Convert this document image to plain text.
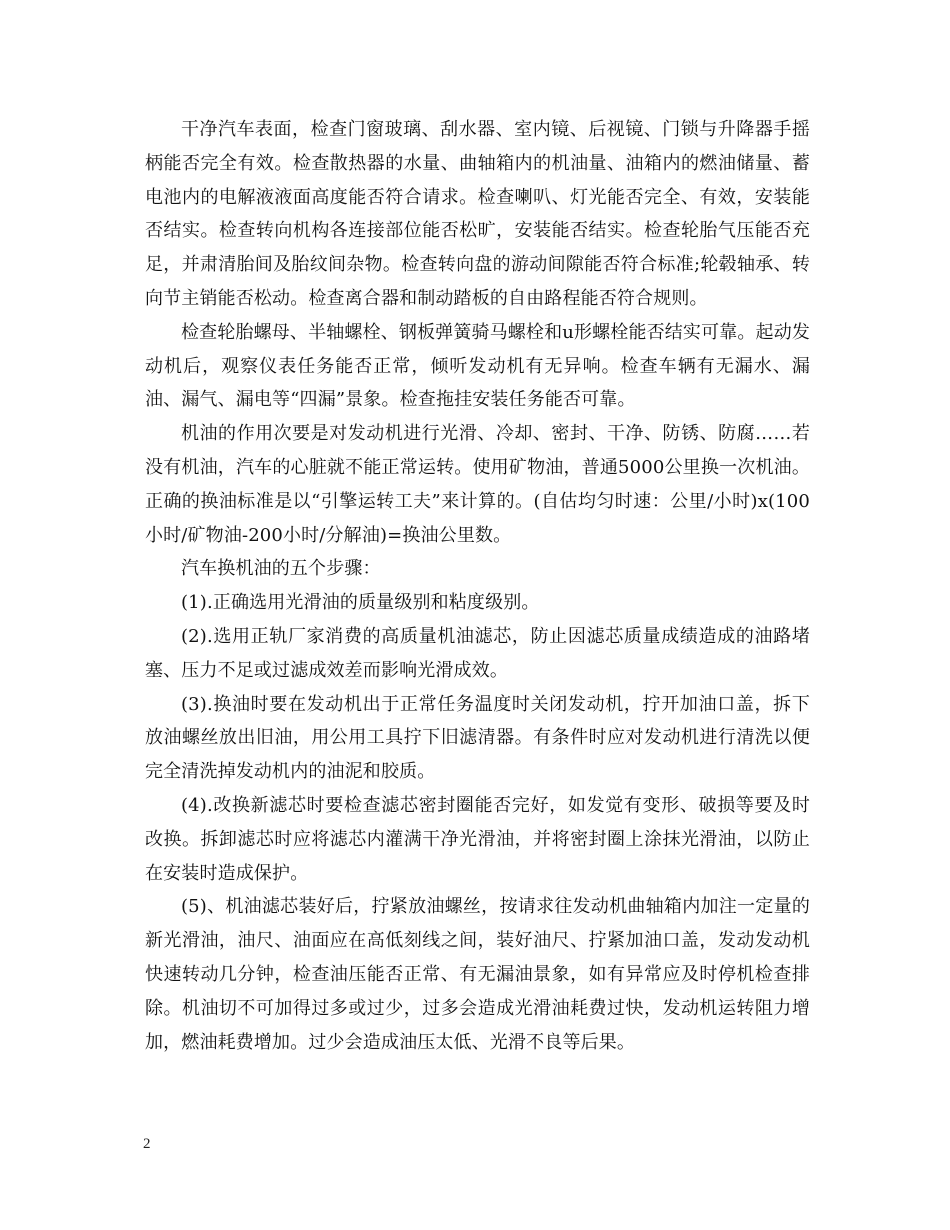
干净汽车表面，检查门窗玻璃、刮水器、室内镜、后视镜、门锁与升降器手摇柄能否完全有效。检查散热器的水量、曲轴箱内的机油量、油箱内的燃油储量、蓄电池内的电解液液面高度能否符合请求。检查喇叭、灯光能否完全、有效，安装能否结实。检查转向机构各连接部位能否松旷，安装能否结实。检查轮胎气压能否充足，并肃清胎间及胎纹间杂物。检查转向盘的游动间隙能否符合标准;轮毂轴承、转向节主销能否松动。检查离合器和制动踏板的自由路程能否符合规则。

检查轮胎螺母、半轴螺栓、钢板弹簧骑马螺栓和u形螺栓能否结实可靠。起动发动机后，观察仪表任务能否正常，倾听发动机有无异响。检查车辆有无漏水、漏油、漏气、漏电等“四漏”景象。检查拖挂安装任务能否可靠。

机油的作用次要是对发动机进行光滑、冷却、密封、干净、防锈、防腐……若没有机油，汽车的心脏就不能正常运转。使用矿物油，普通5000公里换一次机油。正确的换油标准是以“引擎运转工夫”来计算的。(自估均匀时速：公里/小时)x(100小时/矿物油-200小时/分解油)=换油公里数。

汽车换机油的五个步骤：

(1).正确选用光滑油的质量级别和粘度级别。

(2).选用正轨厂家消费的高质量机油滤芯，防止因滤芯质量成绩造成的油路堵塞、压力不足或过滤成效差而影响光滑成效。

(3).换油时要在发动机出于正常任务温度时关闭发动机，拧开加油口盖，拆下放油螺丝放出旧油，用公用工具拧下旧滤清器。有条件时应对发动机进行清洗以便完全清洗掉发动机内的油泥和胶质。

(4).改换新滤芯时要检查滤芯密封圈能否完好，如发觉有变形、破损等要及时改换。拆卸滤芯时应将滤芯内灌满干净光滑油，并将密封圈上涂抹光滑油，以防止在安装时造成保护。

(5)、机油滤芯装好后，拧紧放油螺丝，按请求往发动机曲轴箱内加注一定量的新光滑油，油尺、油面应在高低刻线之间，装好油尺、拧紧加油口盖，发动发动机快速转动几分钟，检查油压能否正常、有无漏油景象，如有异常应及时停机检查排除。机油切不可加得过多或过少，过多会造成光滑油耗费过快，发动机运转阻力增加，燃油耗费增加。过少会造成油压太低、光滑不良等后果。

2
